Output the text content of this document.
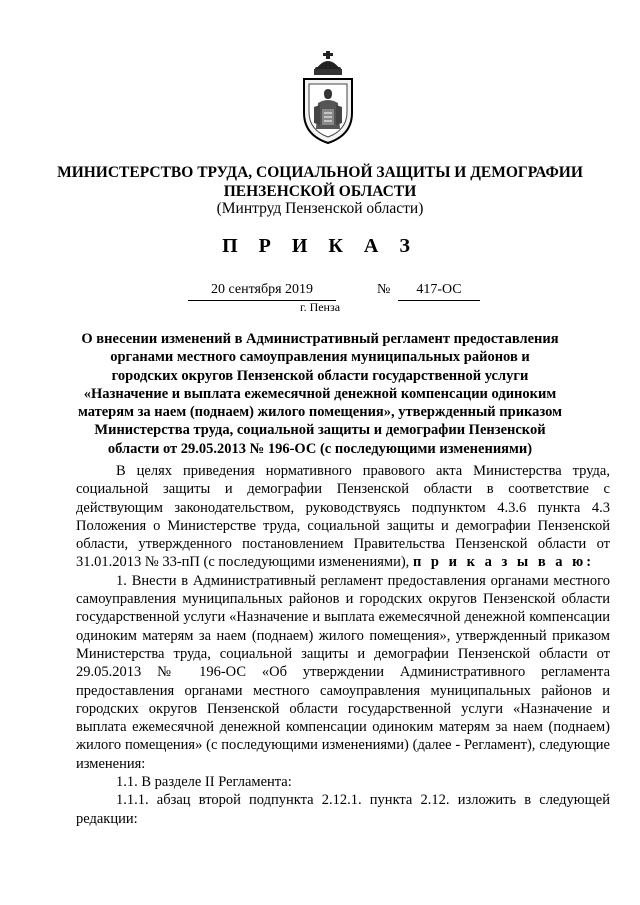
МИНИСТЕРСТВО ТРУДА, СОЦИАЛЬНОЙ ЗАЩИТЫ И ДЕМОГРАФИИ
ПЕНЗЕНСКОЙ ОБЛАСТИ
(Минтруд Пензенской области)
П Р И К А З
20 сентября 2019	№	417-ОС
г. Пенза
О внесении изменений в Административный регламент предоставления органами местного самоуправления муниципальных районов и городских округов Пензенской области государственной услуги «Назначение и выплата ежемесячной денежной компенсации одиноким матерям за наем (поднаем) жилого помещения», утвержденный приказом Министерства труда, социальной защиты и демографии Пензенской области от 29.05.2013 № 196-ОС (с последующими изменениями)

В целях приведения нормативного правового акта Министерства труда, социальной защиты и демографии Пензенской области в соответствие с действующим законодательством, руководствуясь подпунктом 4.3.6 пункта 4.3 Положения о Министерстве труда, социальной защиты и демографии Пензенской области, утвержденного постановлением Правительства Пензенской области от 31.01.2013 № 33-пП (с последующими изменениями), п р и к а з ы в а ю:

1. Внести в Административный регламент предоставления органами местного самоуправления муниципальных районов и городских округов Пензенской области государственной услуги «Назначение и выплата ежемесячной денежной компенсации одиноким матерям за наем (поднаем) жилого помещения», утвержденный приказом Министерства труда, социальной защиты и демографии Пензенской области от 29.05.2013 № 196-ОС «Об утверждении Административного регламента предоставления органами местного самоуправления муниципальных районов и городских округов Пензенской области государственной услуги «Назначение и выплата ежемесячной денежной компенсации одиноким матерям за наем (поднаем) жилого помещения» (с последующими изменениями) (далее - Регламент), следующие изменения:

1.1. В разделе II Регламента:

1.1.1. абзац второй подпункта 2.12.1. пункта 2.12. изложить в следующей редакции:
